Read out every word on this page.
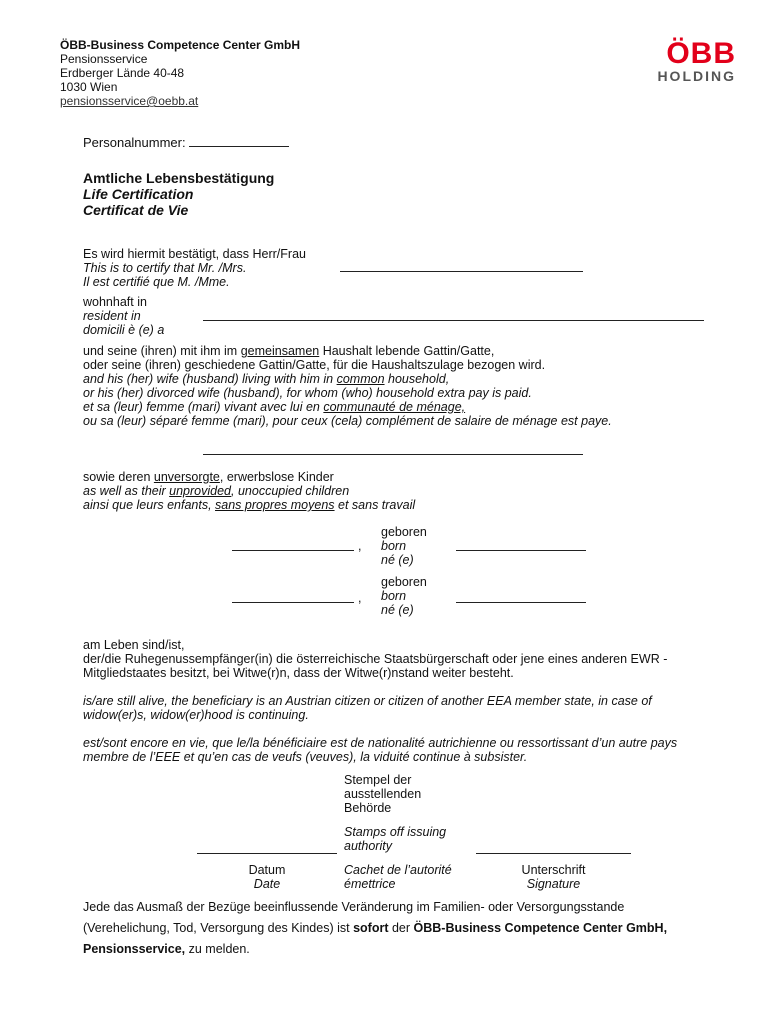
ÖBB-Business Competence Center GmbH
Pensionsservice
Erdberger Lände 40-48
1030 Wien
pensionsservice@oebb.at
ÖBB
HOLDING
Personalnummer:
Amtliche Lebensbestätigung
Life Certification
Certificat de Vie
Es wird hiermit bestätigt, dass Herr/Frau
This is to certify that Mr. /Mrs.
Il est certifié que M. /Mme.
wohnhaft in
resident in
domicili è (e) a
und seine (ihren) mit ihm im gemeinsamen Haushalt lebende Gattin/Gatte,
oder seine (ihren) geschiedene Gattin/Gatte, für die Haushaltszulage bezogen wird.
and his (her) wife (husband) living with him in common household,
or his (her) divorced wife (husband), for whom (who) household extra pay is paid.
et sa (leur) femme (mari) vivant avec lui en communauté de ménage,
ou sa (leur) séparé femme (mari), pour ceux (cela) complément de salaire de ménage est paye.
sowie deren unversorgte, erwerbslose Kinder
as well as their unprovided, unoccupied children
ainsi que leurs enfants, sans propres moyens et sans travail
,
geboren
born
né (e)
,
geboren
born
né (e)
am Leben sind/ist,
der/die Ruhegenussempfänger(in) die österreichische Staatsbürgerschaft oder jene eines anderen EWR -
Mitgliedstaates besitzt, bei Witwe(r)n, dass der Witwe(r)nstand weiter besteht.
is/are still alive, the beneficiary is an Austrian citizen or citizen of another EEA member state, in case of
widow(er)s, widow(er)hood is continuing.
est/sont encore en vie, que le/la bénéficiaire est de nationalité autrichienne ou ressortissant d’un autre pays
membre de l’EEE et qu’en cas de veufs (veuves), la viduité continue à subsister.
Stempel der
ausstellenden
Behörde
Stamps off issuing
authority
Cachet de l’autorité
émettrice
Datum
Date
Unterschrift
Signature
Jede das Ausmaß der Bezüge beeinflussende Veränderung im Familien- oder Versorgungsstande
(Verehelichung, Tod, Versorgung des Kindes) ist sofort der ÖBB-Business Competence Center GmbH,
Pensionsservice, zu melden.
